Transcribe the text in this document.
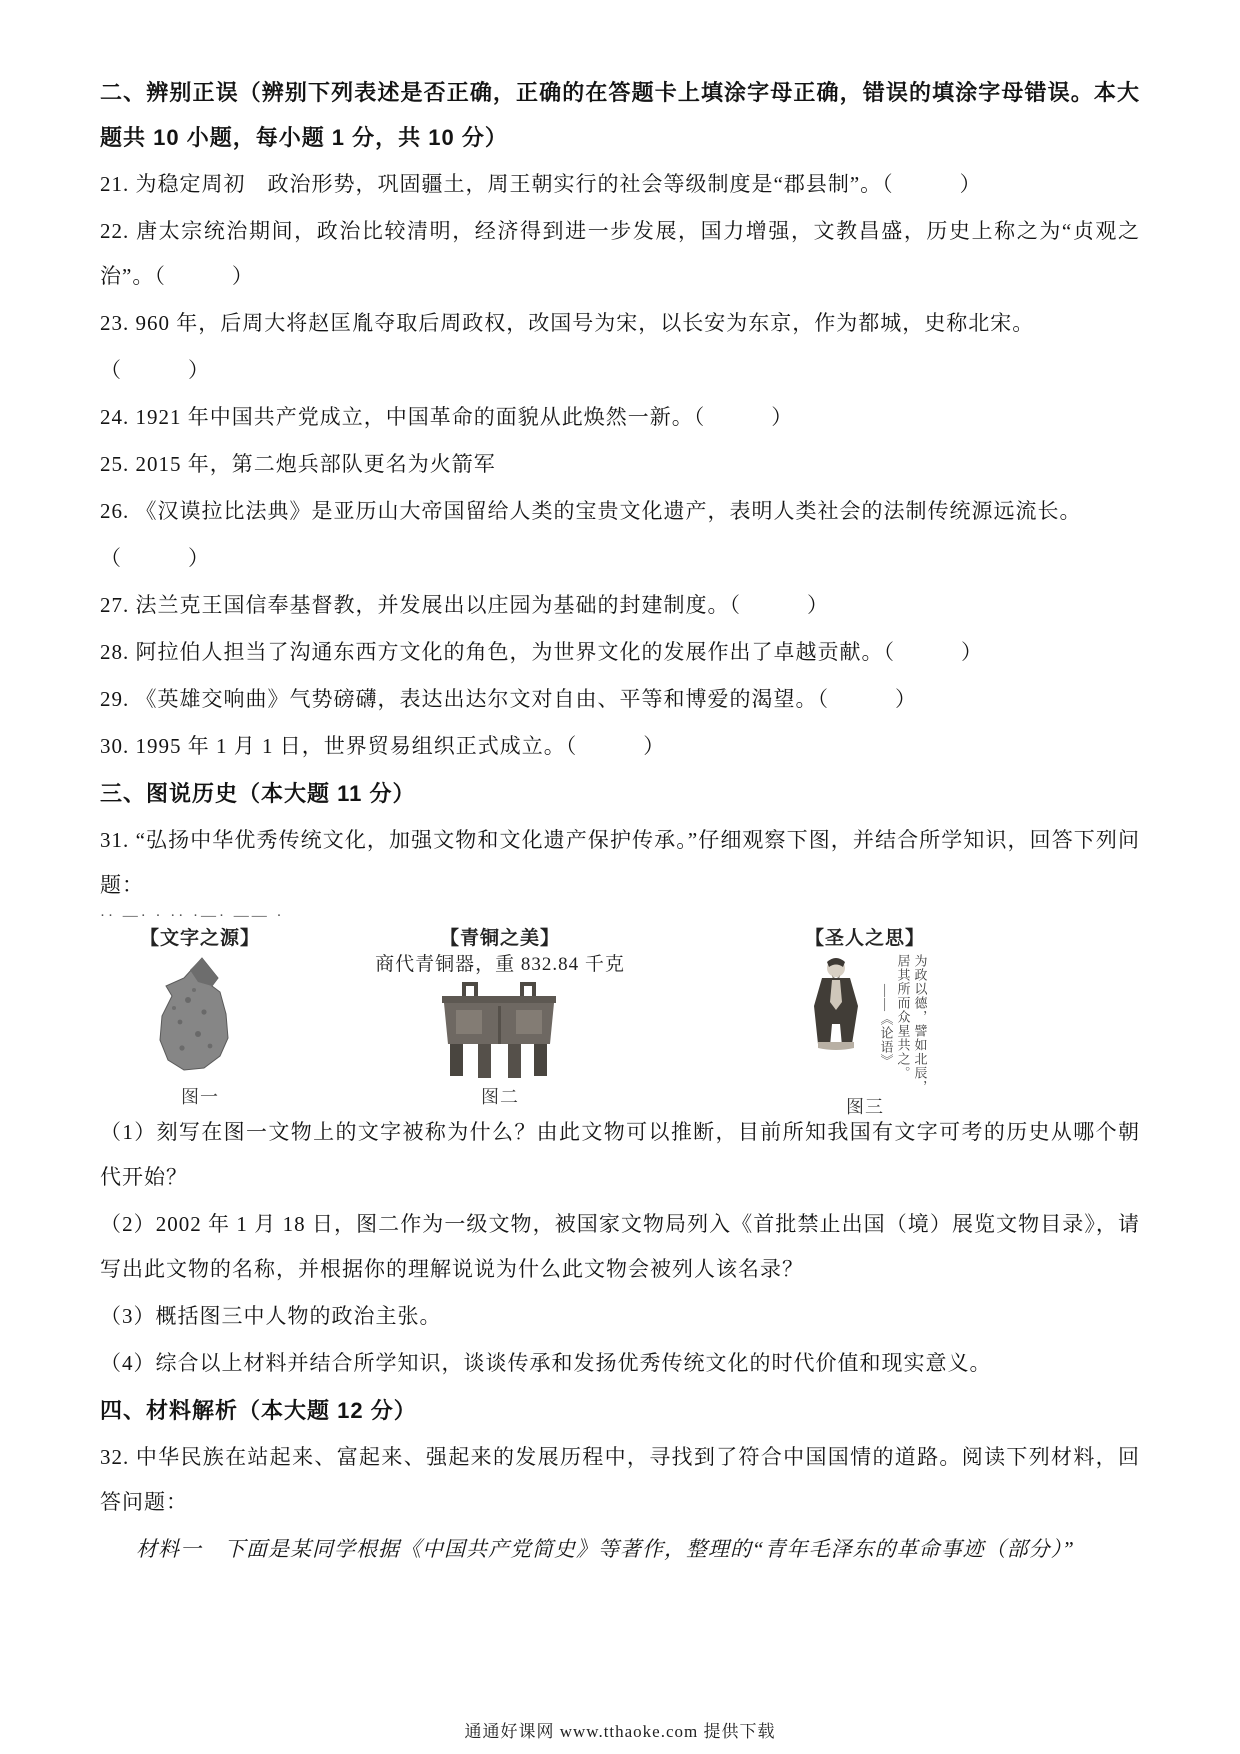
二、辨别正误（辨别下列表述是否正确，正确的在答题卡上填涂字母正确，错误的填涂字母错误。本大题共 10 小题，每小题 1 分，共 10 分）

21. 为稳定周初　政治形势，巩固疆土，周王朝实行的社会等级制度是“郡县制”。（　　　）

22. 唐太宗统治期间，政治比较清明，经济得到进一步发展，国力增强，文教昌盛，历史上称之为“贞观之治”。（　　　）

23. 960 年，后周大将赵匡胤夺取后周政权，改国号为宋，以长安为东京，作为都城，史称北宋。

（　　　）

24. 1921 年中国共产党成立，中国革命的面貌从此焕然一新。（　　　）

25. 2015 年，第二炮兵部队更名为火箭军

26. 《汉谟拉比法典》是亚历山大帝国留给人类的宝贵文化遗产，表明人类社会的法制传统源远流长。

（　　　）

27. 法兰克王国信奉基督教，并发展出以庄园为基础的封建制度。（　　　）

28. 阿拉伯人担当了沟通东西方文化的角色，为世界文化的发展作出了卓越贡献。（　　　）

29. 《英雄交响曲》气势磅礴，表达出达尔文对自由、平等和博爱的渴望。（　　　）

30. 1995 年 1 月 1 日，世界贸易组织正式成立。（　　　）

三、图说历史（本大题 11 分）

31. “弘扬中华优秀传统文化，加强文物和文化遗产保护传承。”仔细观察下图，并结合所学知识，回答下列问题：

·· —· · ·· ·—· —— ·
【文字之源】
图一
【青铜之美】
商代青铜器，重 832.84 千克
图二
【圣人之思】
为政以德，譬如北辰，居其所而众星共之。 ——《论语》
图三

（1）刻写在图一文物上的文字被称为什么？由此文物可以推断，目前所知我国有文字可考的历史从哪个朝代开始？

（2）2002 年 1 月 18 日，图二作为一级文物，被国家文物局列入《首批禁止出国（境）展览文物目录》，请写出此文物的名称，并根据你的理解说说为什么此文物会被列人该名录？

（3）概括图三中人物的政治主张。

（4）综合以上材料并结合所学知识，谈谈传承和发扬优秀传统文化的时代价值和现实意义。

四、材料解析（本大题 12 分）

32. 中华民族在站起来、富起来、强起来的发展历程中，寻找到了符合中国国情的道路。阅读下列材料，回答问题：

材料一　下面是某同学根据《中国共产党简史》等著作，整理的“青年毛泽东的革命事迹（部分）”

通通好课网 www.tthaoke.com 提供下载
